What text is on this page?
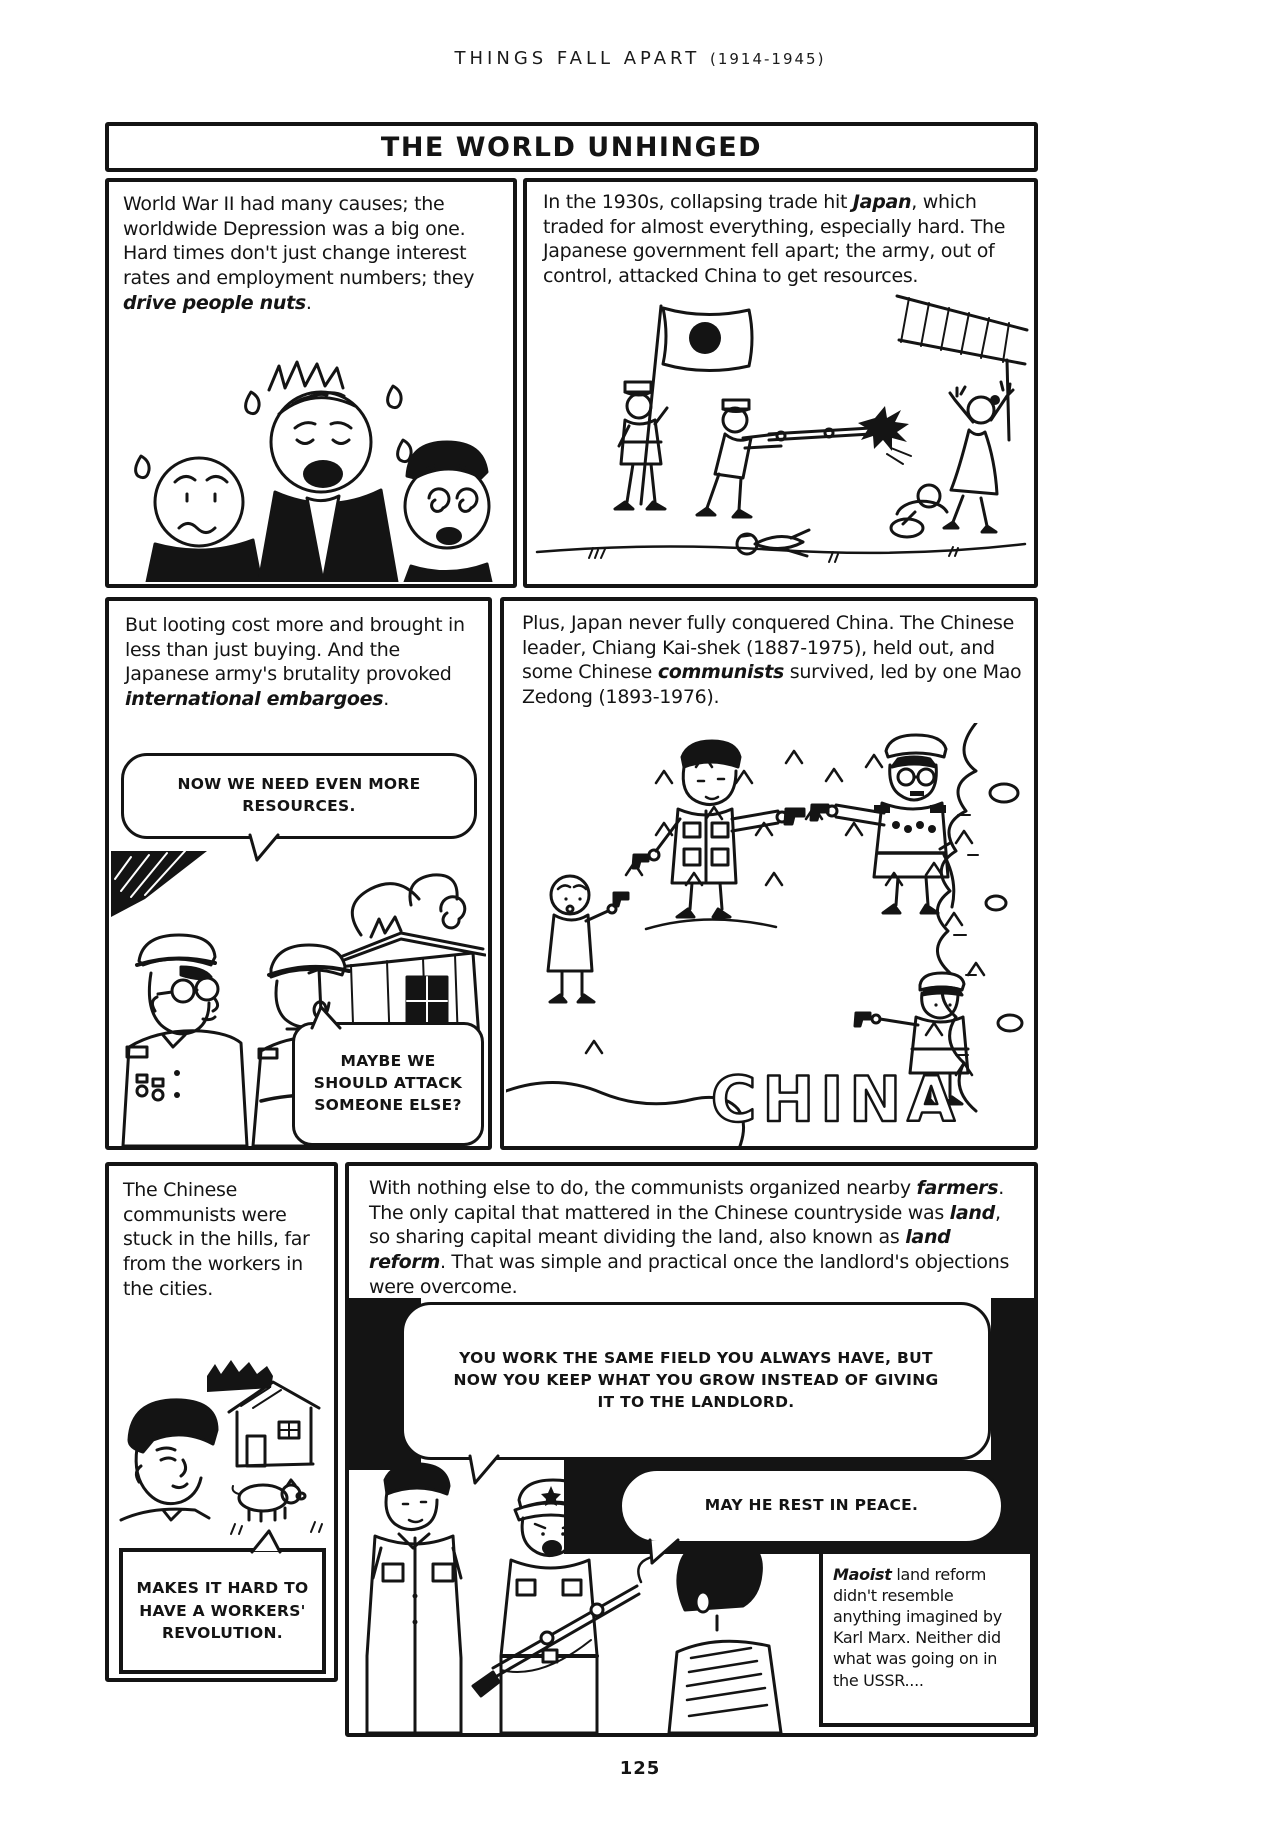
THINGS FALL APART (1914-1945)
THE WORLD UNHINGED

World War II had many causes; the worldwide Depression was a big one. Hard times don't just change interest rates and employment numbers; they drive people nuts.

In the 1930s, collapsing trade hit Japan, which traded for almost everything, especially hard. The Japanese government fell apart; the army, out of control, attacked China to get resources.

But looting cost more and brought in less than just buying. And the Japanese army's brutality provoked international embargoes.

NOW WE NEED EVEN MORE RESOURCES.
MAYBE WE SHOULD ATTACK SOMEONE ELSE?

Plus, Japan never fully conquered China. The Chinese leader, Chiang Kai-shek (1887-1975), held out, and some Chinese communists survived, led by one Mao Zedong (1893-1976).

CHINA

The Chinese communists were stuck in the hills, far from the workers in the cities.

MAKES IT HARD TO HAVE A WORKERS' REVOLUTION.

With nothing else to do, the communists organized nearby farmers. The only capital that mattered in the Chinese countryside was land, so sharing capital meant dividing the land, also known as land reform. That was simple and practical once the landlord's objections were overcome.

YOU WORK THE SAME FIELD YOU ALWAYS HAVE, BUT NOW YOU KEEP WHAT YOU GROW INSTEAD OF GIVING IT TO THE LANDLORD.
MAY HE REST IN PEACE.
Maoist land reform didn't resemble anything imagined by Karl Marx. Neither did what was going on in the USSR....
125
